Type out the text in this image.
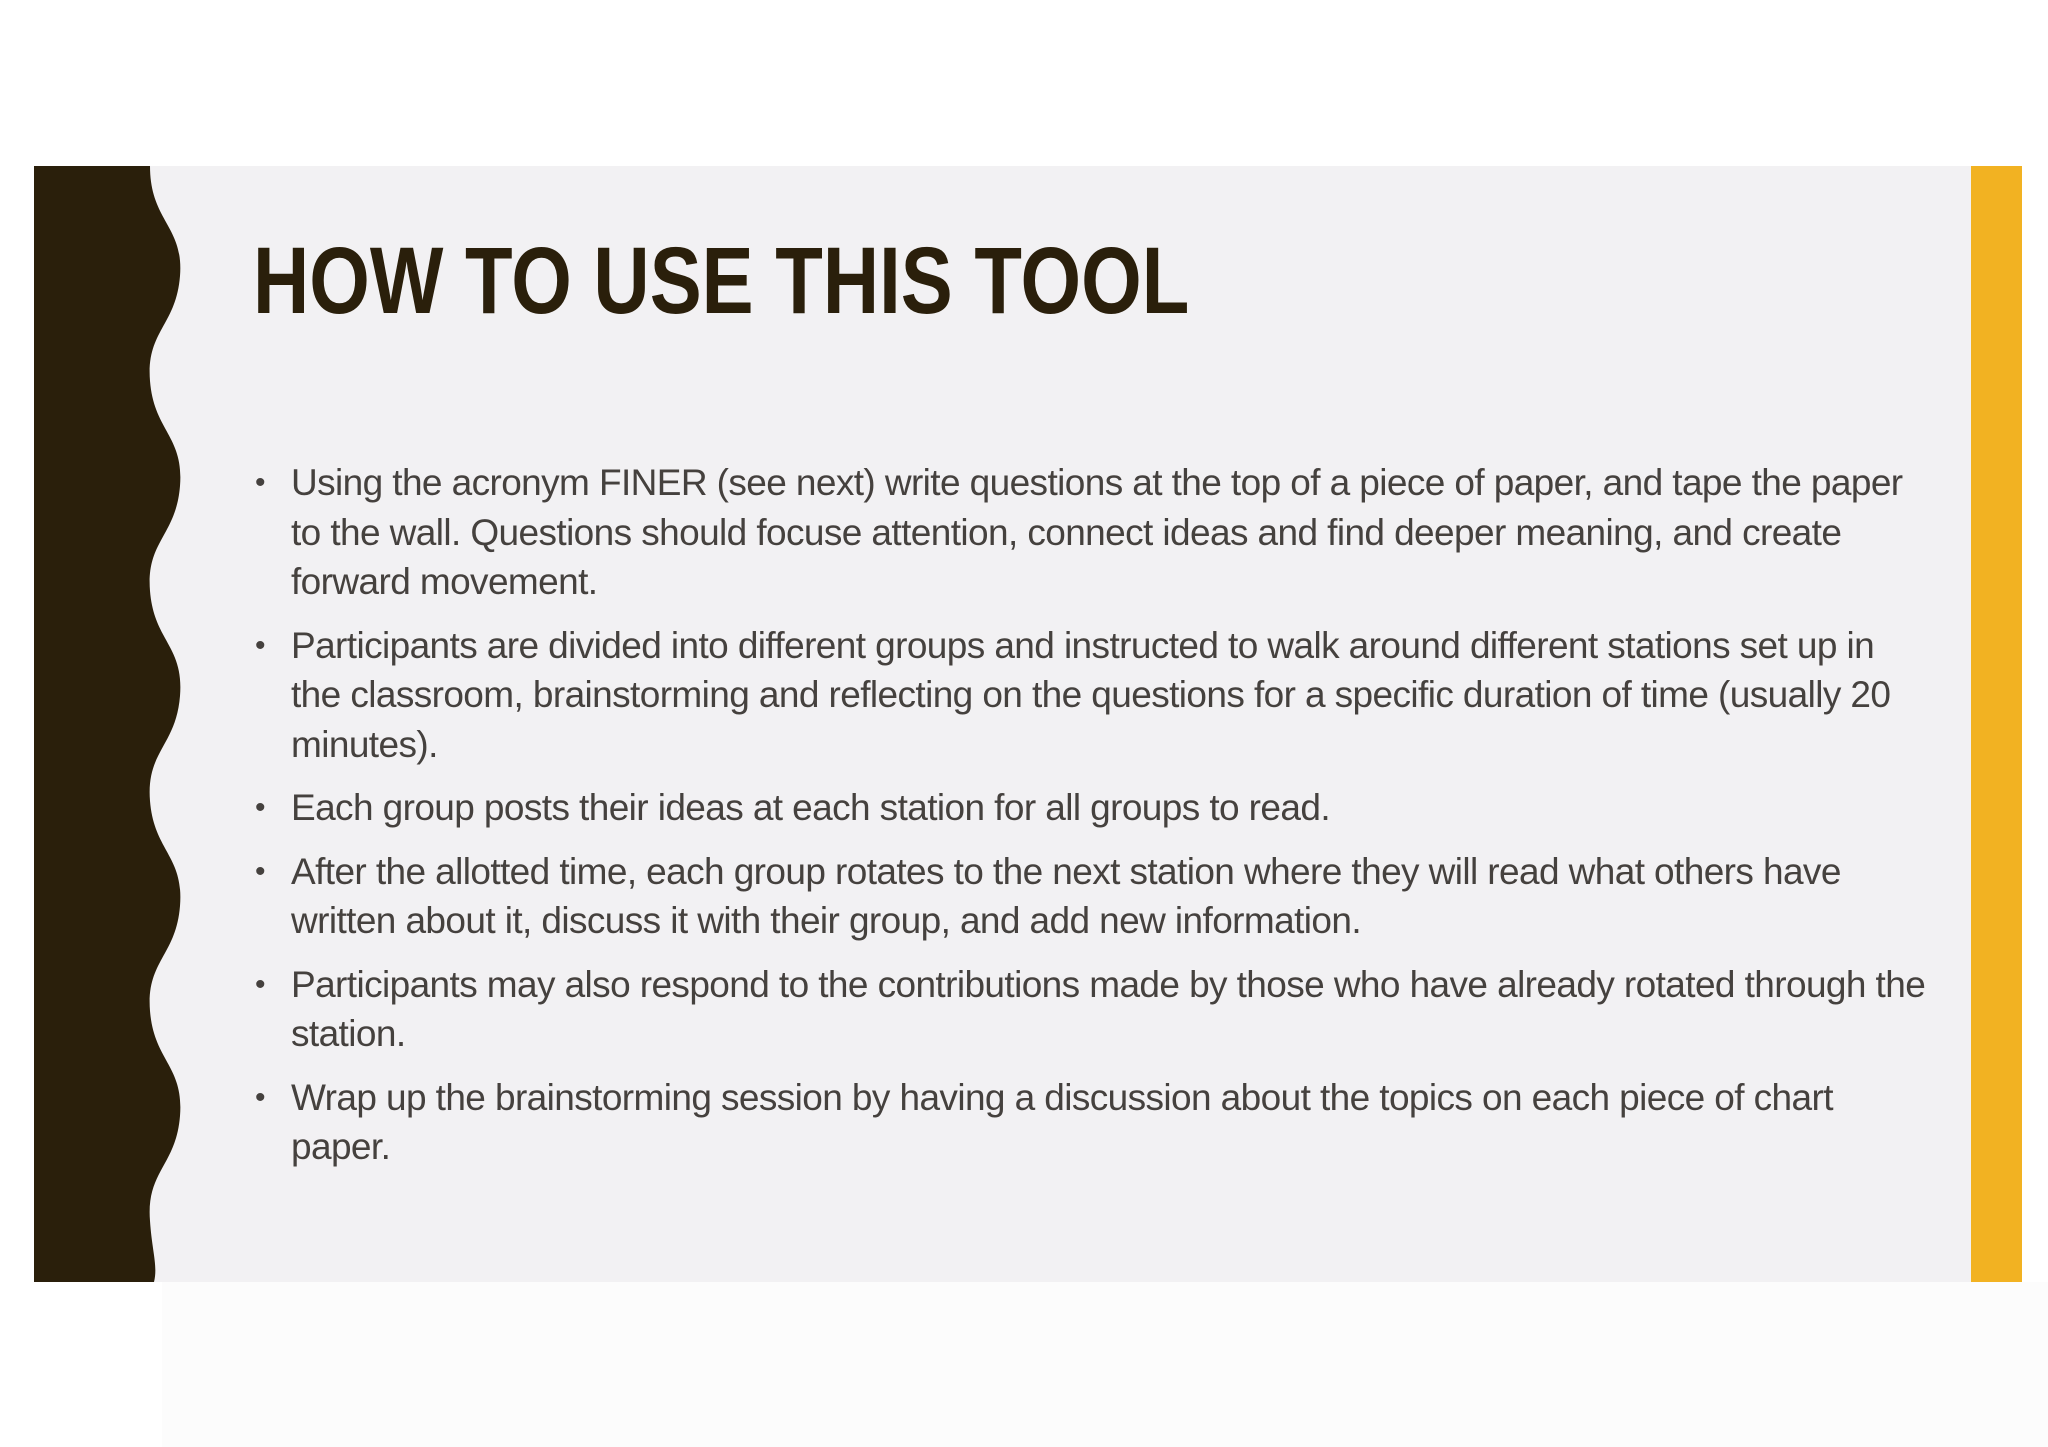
HOW TO USE THIS TOOL
• Using the acronym FINER (see next) write questions at the top of a piece of paper, and tape the paper to the wall. Questions should focuse attention, connect ideas and find deeper meaning, and create forward movement.
• Participants are divided into different groups and instructed to walk around different stations set up in the classroom, brainstorming and reflecting on the questions for a specific duration of time (usually 20 minutes).
• Each group posts their ideas at each station for all groups to read.
• After the allotted time, each group rotates to the next station where they will read what others have written about it, discuss it with their group, and add new information.
• Participants may also respond to the contributions made by those who have already rotated through the station.
• Wrap up the brainstorming session by having a discussion about the topics on each piece of chart paper.
